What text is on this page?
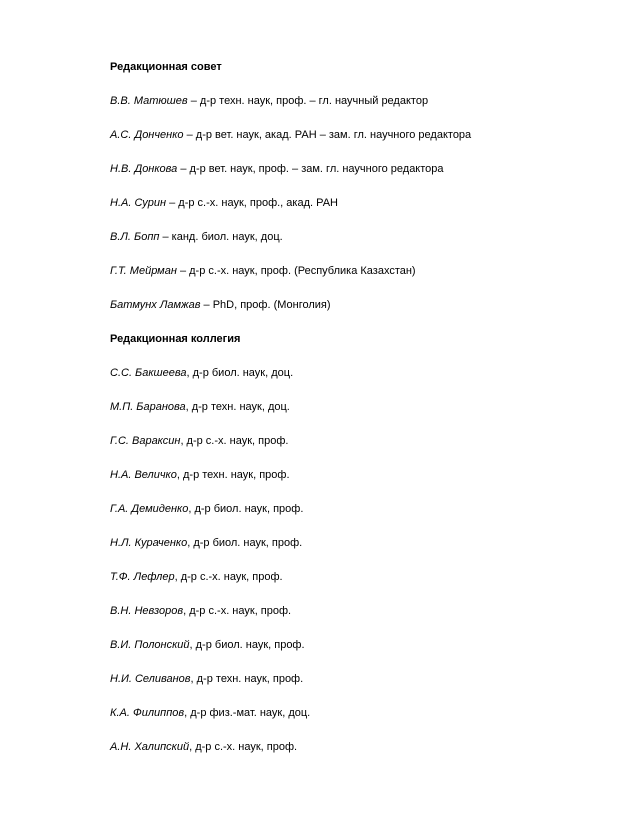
Редакционная совет
В.В. Матюшев – д-р техн. наук, проф. – гл. научный редактор
А.С. Донченко – д-р вет. наук, акад. РАН – зам. гл. научного редактора
Н.В. Донкова – д-р вет. наук, проф. – зам. гл. научного редактора
Н.А. Сурин – д-р с.-х. наук, проф., акад. РАН
В.Л. Бопп – канд. биол. наук, доц.
Г.Т. Мейрман – д-р с.-х. наук, проф. (Республика Казахстан)
Батмунх Ламжав – PhD, проф. (Монголия)
Редакционная коллегия
С.С. Бакшеева, д-р биол. наук, доц.
М.П. Баранова, д-р техн. наук, доц.
Г.С. Вараксин, д-р с.-х. наук, проф.
Н.А. Величко, д-р техн. наук, проф.
Г.А. Демиденко, д-р биол. наук, проф.
Н.Л. Кураченко, д-р биол. наук, проф.
Т.Ф. Лефлер, д-р с.-х. наук, проф.
В.Н. Невзоров, д-р с.-х. наук, проф.
В.И. Полонский, д-р биол. наук, проф.
Н.И. Селиванов, д-р техн. наук, проф.
К.А. Филиппов, д-р физ.-мат. наук, доц.
А.Н. Халипский, д-р с.-х. наук, проф.
